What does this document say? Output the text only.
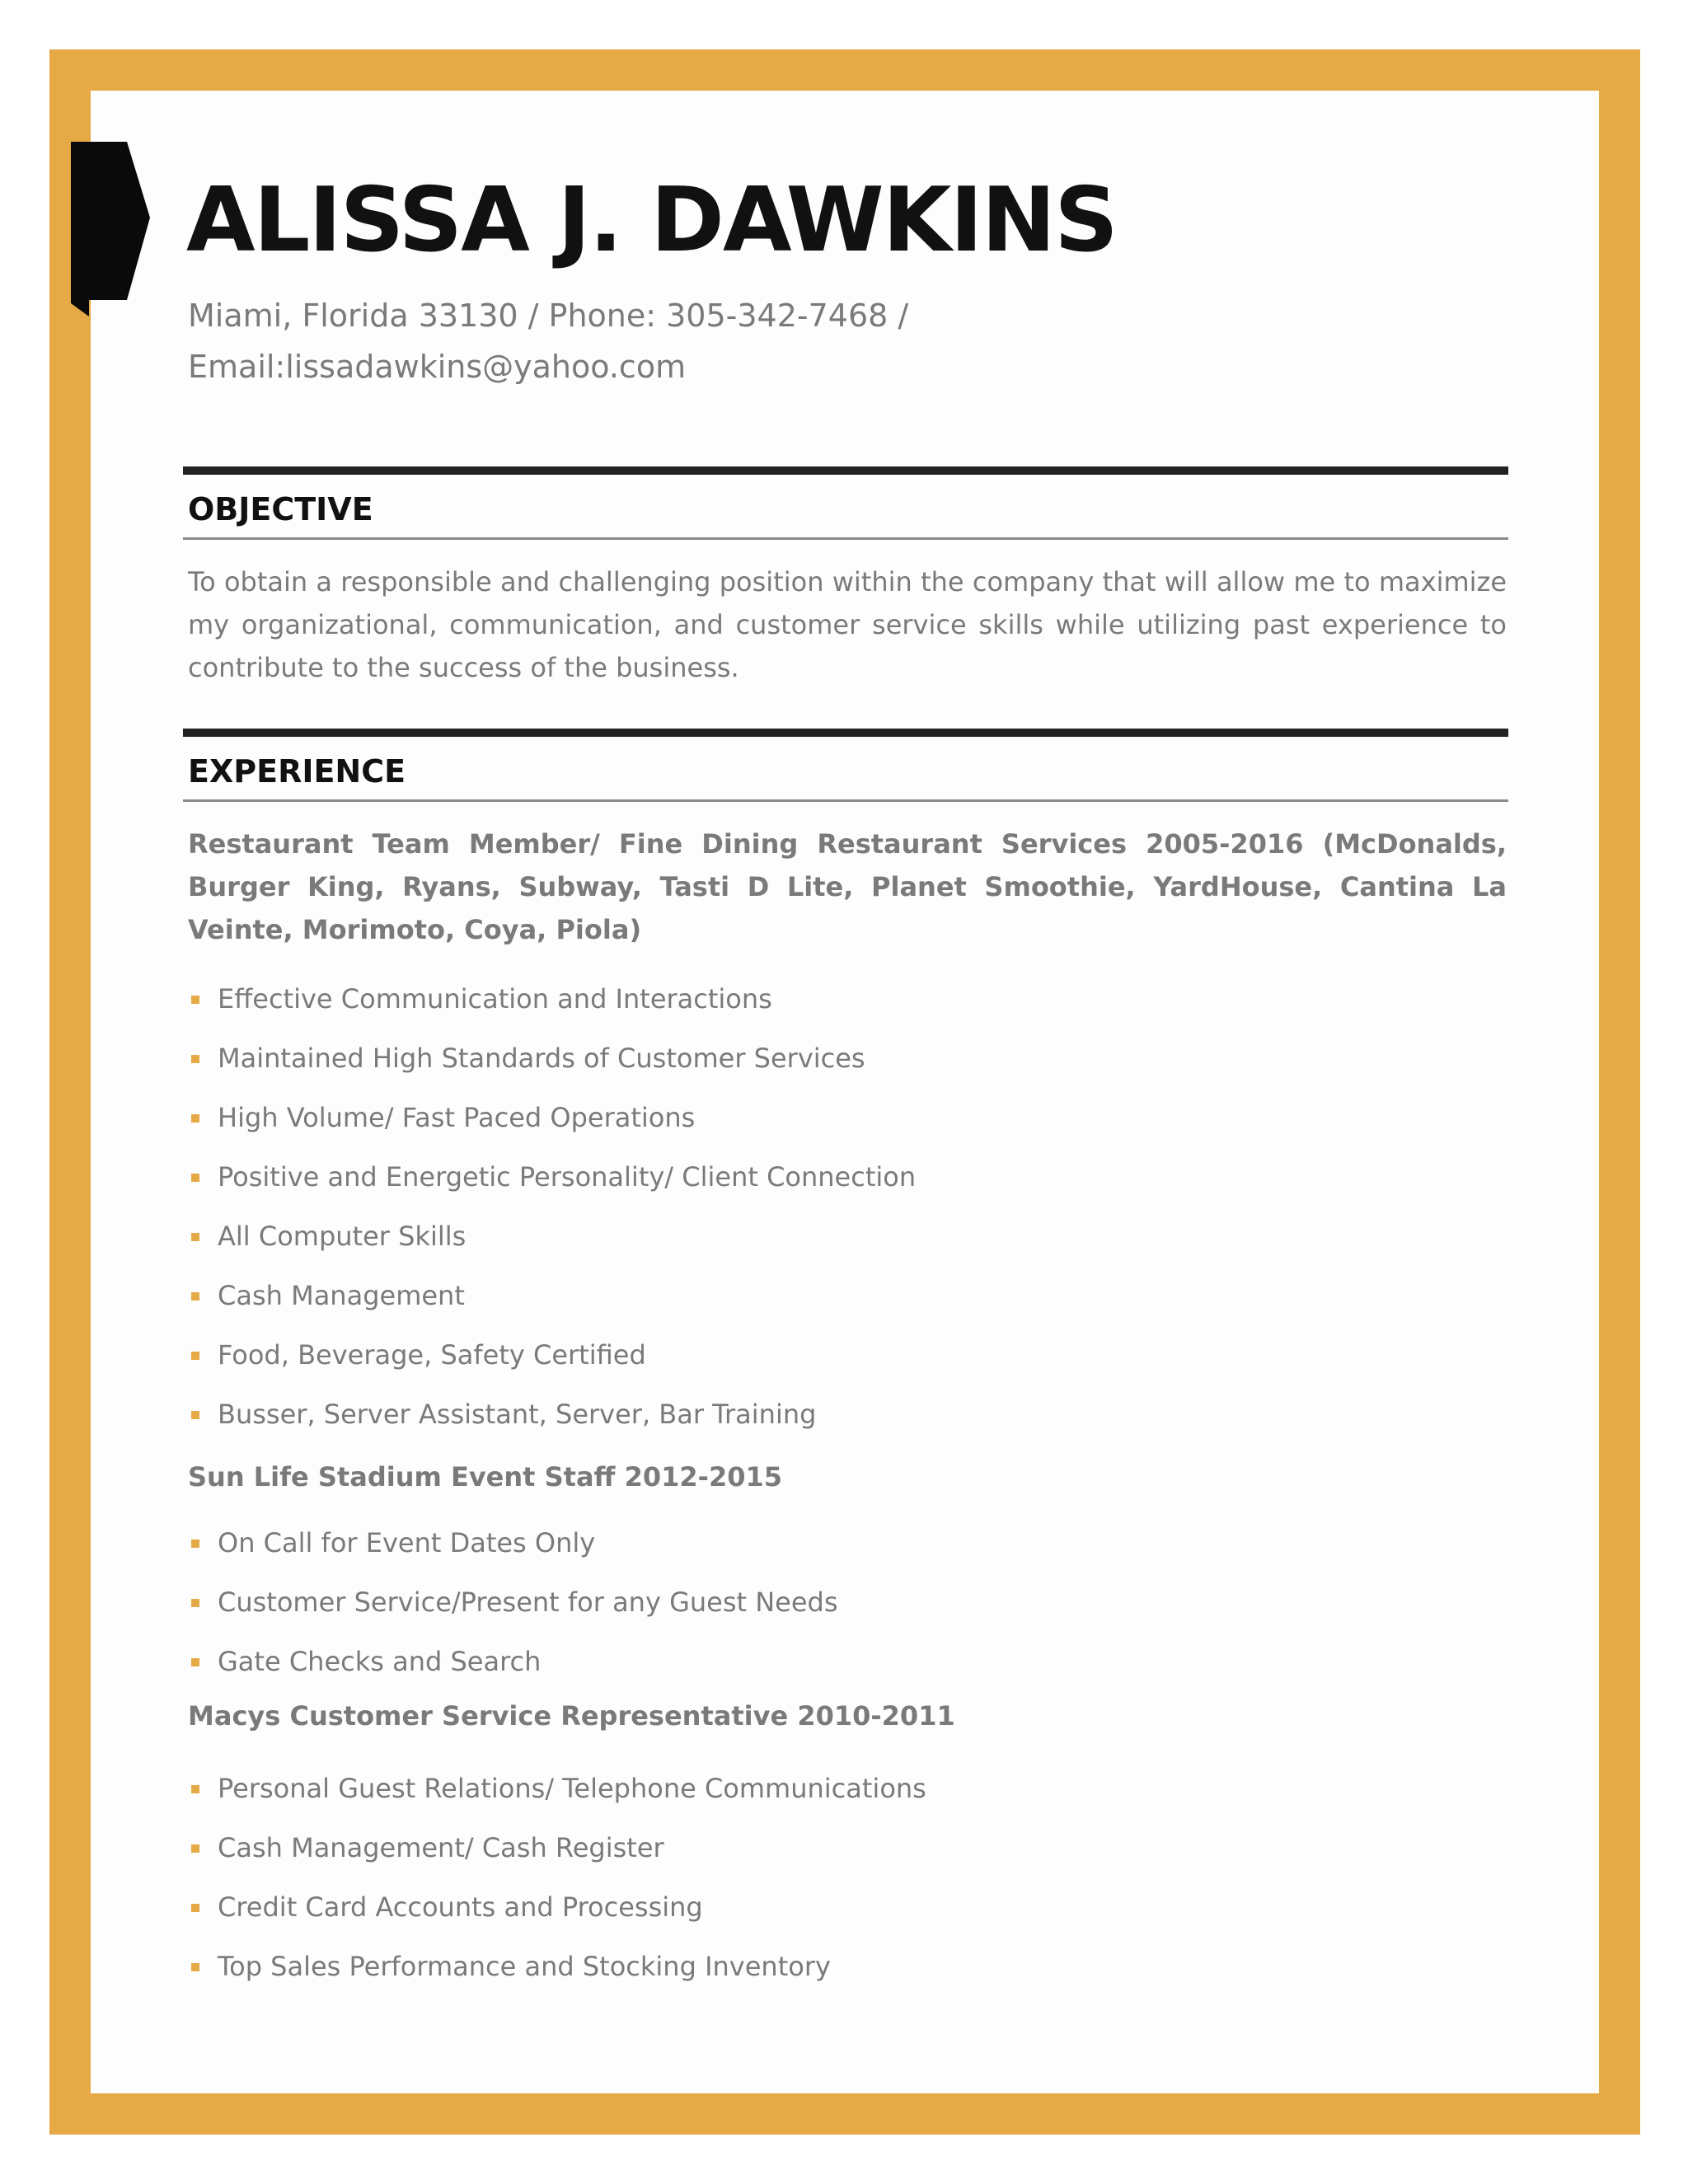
ALISSA J. DAWKINS
Miami, Florida 33130 / Phone: 305-342-7468 /
Email:lissadawkins@yahoo.com
OBJECTIVE

To obtain a responsible and challenging position within the company that will allow me to maximize my organizational, communication, and customer service skills while utilizing past experience to contribute to the success of the business.

EXPERIENCE

Restaurant Team Member/ Fine Dining Restaurant Services 2005-2016 (McDonalds, Burger King, Ryans, Subway, Tasti D Lite, Planet Smoothie, YardHouse, Cantina La Veinte, Morimoto, Coya, Piola)

Effective Communication and Interactions
Maintained High Standards of Customer Services
High Volume/ Fast Paced Operations
Positive and Energetic Personality/ Client Connection
All Computer Skills
Cash Management
Food, Beverage, Safety Certified
Busser, Server Assistant, Server, Bar Training

Sun Life Stadium Event Staff 2012-2015

On Call for Event Dates Only
Customer Service/Present for any Guest Needs
Gate Checks and Search

Macys Customer Service Representative 2010-2011

Personal Guest Relations/ Telephone Communications
Cash Management/ Cash Register
Credit Card Accounts and Processing
Top Sales Performance and Stocking Inventory
